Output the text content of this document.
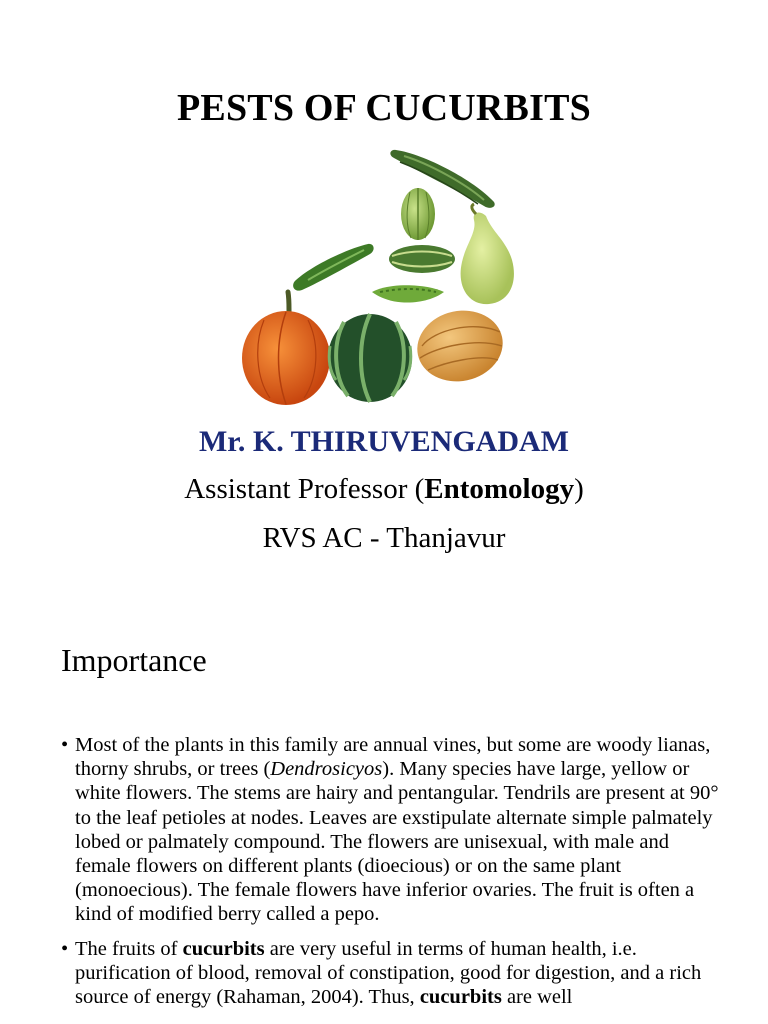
PESTS OF CUCURBITS

Mr. K. THIRUVENGADAM

Assistant Professor (Entomology)

RVS AC - Thanjavur

Importance
• Most of the plants in this family are annual vines, but some are woody lianas, thorny shrubs, or trees (Dendrosicyos). Many species have large, yellow or white flowers. The stems are hairy and pentangular. Tendrils are present at 90° to the leaf petioles at nodes. Leaves are exstipulate alternate simple palmately lobed or palmately compound. The flowers are unisexual, with male and female flowers on different plants (dioecious) or on the same plant (monoecious). The female flowers have inferior ovaries. The fruit is often a kind of modified berry called a pepo.
• The fruits of cucurbits are very useful in terms of human health, i.e. purification of blood, removal of constipation, good for digestion, and a rich source of energy (Rahaman, 2004). Thus, cucurbits are well
